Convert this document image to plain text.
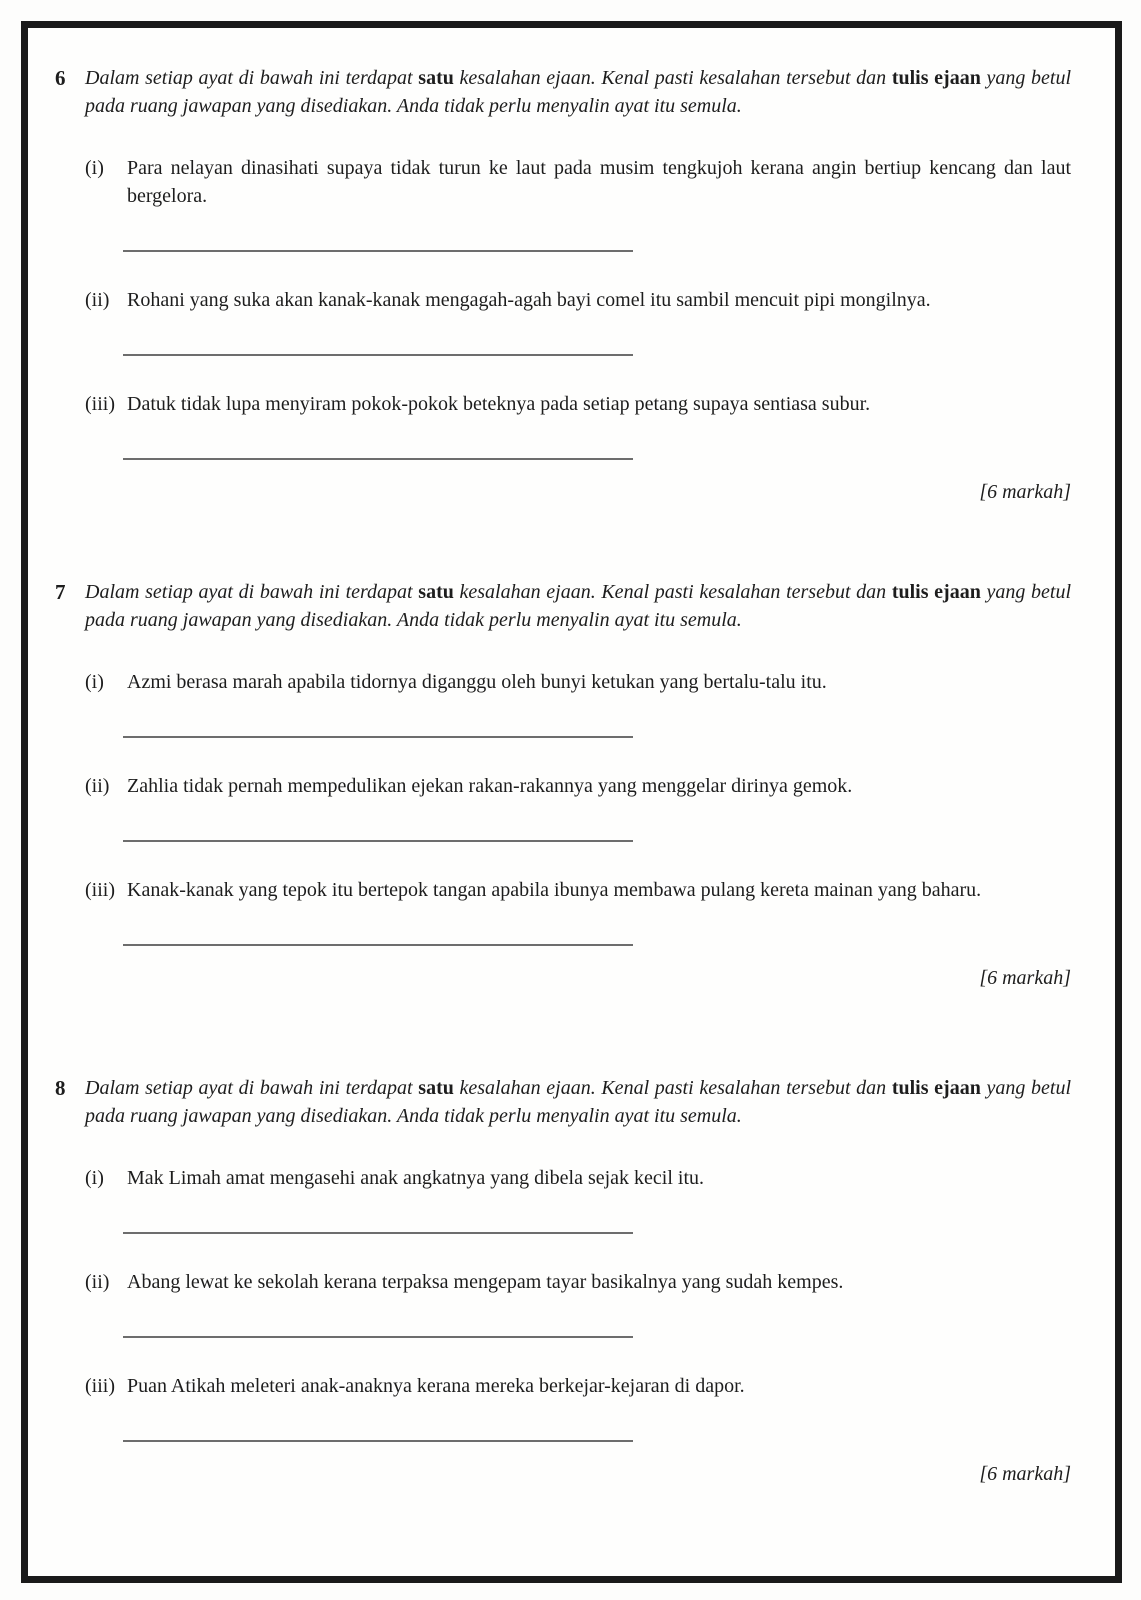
6 Dalam setiap ayat di bawah ini terdapat satu kesalahan ejaan. Kenal pasti kesalahan tersebut dan tulis ejaan yang betul pada ruang jawapan yang disediakan. Anda tidak perlu menyalin ayat itu semula.
(i)	Para nelayan dinasihati supaya tidak turun ke laut pada musim tengkujoh kerana angin bertiup kencang dan laut bergelora.
(ii) Rohani yang suka akan kanak-kanak mengagah-agah bayi comel itu sambil mencuit pipi mongilnya.
(iii) Datuk tidak lupa menyiram pokok-pokok beteknya pada setiap petang supaya sentiasa subur.
[6 markah]
7 Dalam setiap ayat di bawah ini terdapat satu kesalahan ejaan. Kenal pasti kesalahan tersebut dan tulis ejaan yang betul pada ruang jawapan yang disediakan. Anda tidak perlu menyalin ayat itu semula.
(i)	Azmi berasa marah apabila tidornya diganggu oleh bunyi ketukan yang bertalu-talu itu.
(ii) Zahlia tidak pernah mempedulikan ejekan rakan-rakannya yang menggelar dirinya gemok.
(iii) Kanak-kanak yang tepok itu bertepok tangan apabila ibunya membawa pulang kereta mainan yang baharu.
[6 markah]
8 Dalam setiap ayat di bawah ini terdapat satu kesalahan ejaan. Kenal pasti kesalahan tersebut dan tulis ejaan yang betul pada ruang jawapan yang disediakan. Anda tidak perlu menyalin ayat itu semula.
(i)	Mak Limah amat mengasehi anak angkatnya yang dibela sejak kecil itu.
(ii) Abang lewat ke sekolah kerana terpaksa mengepam tayar basikalnya yang sudah kempes.
(iii) Puan Atikah meleteri anak-anaknya kerana mereka berkejar-kejaran di dapor.
[6 markah]
